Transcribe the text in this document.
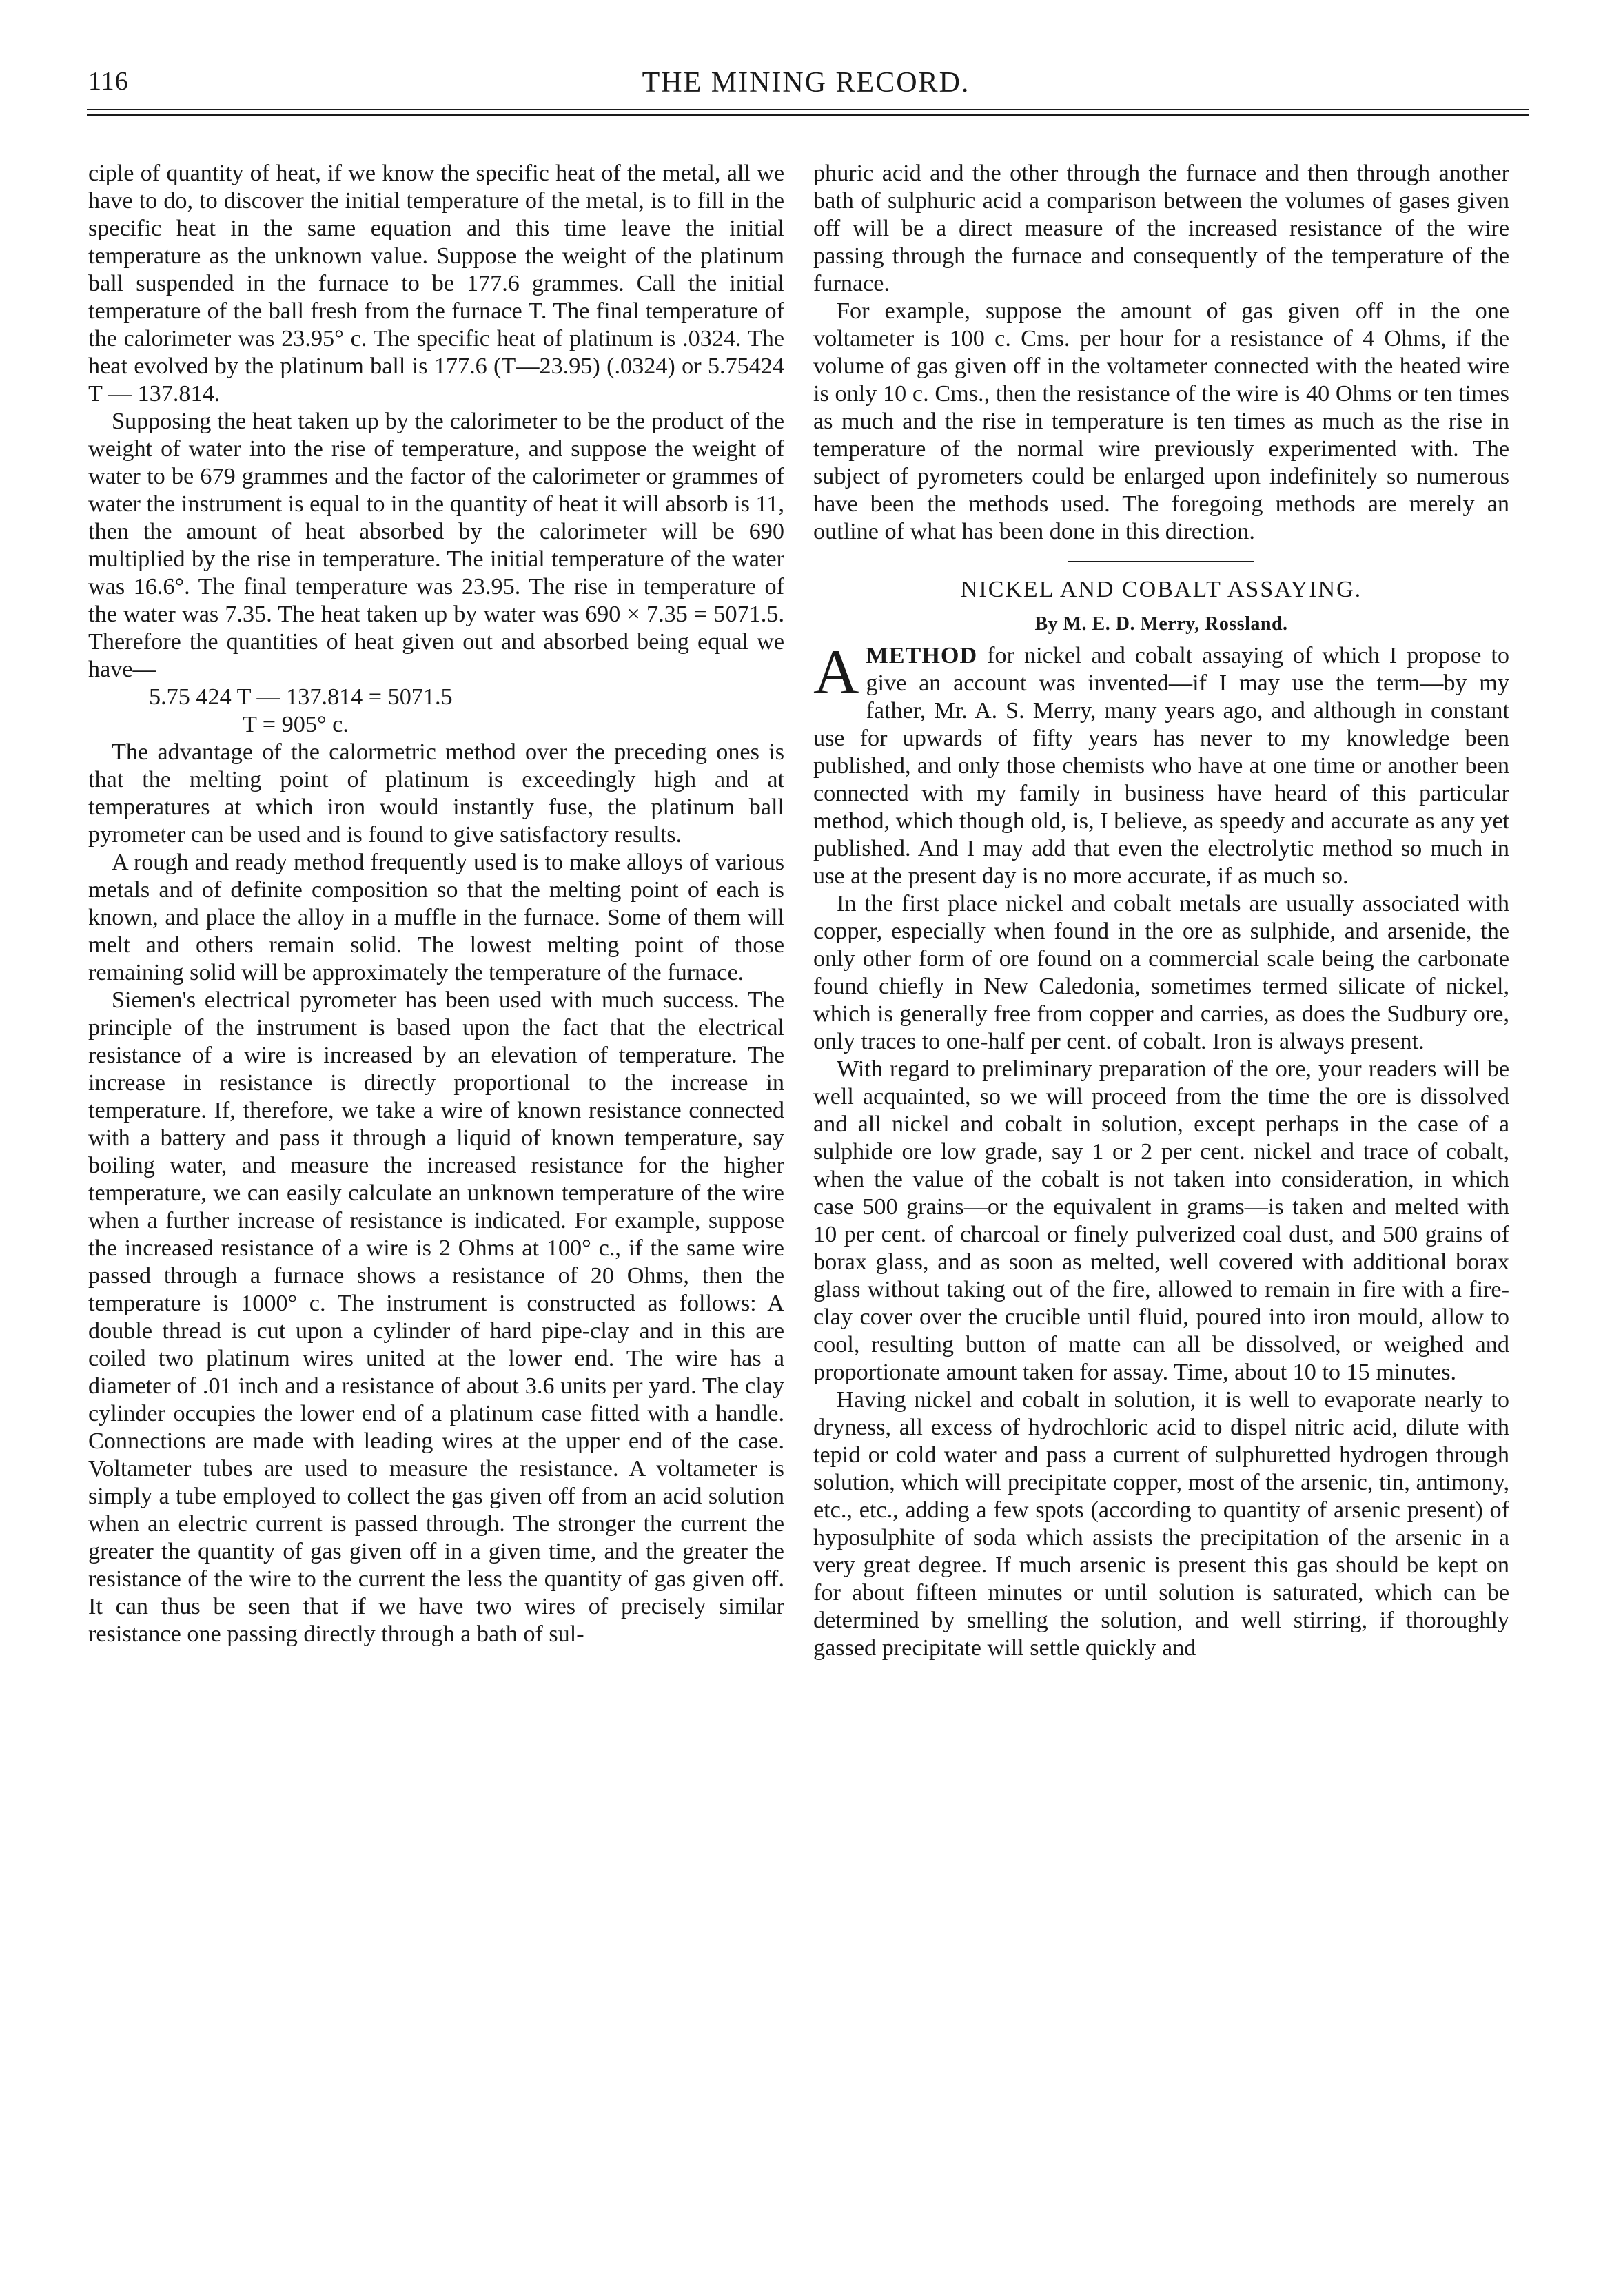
116	THE MINING RECORD.

ciple of quantity of heat, if we know the specific heat of the metal, all we have to do, to discover the initial temperature of the metal, is to fill in the specific heat in the same equation and this time leave the initial temperature as the unknown value. Suppose the weight of the platinum ball suspended in the furnace to be 177.6 grammes. Call the initial temperature of the ball fresh from the furnace T. The final temperature of the calorimeter was 23.95° c. The specific heat of platinum is .0324. The heat evolved by the platinum ball is 177.6 (T—23.95) (.0324) or 5.75424 T — 137.814.

Supposing the heat taken up by the calorimeter to be the product of the weight of water into the rise of temperature, and suppose the weight of water to be 679 grammes and the factor of the calorimeter or grammes of water the instrument is equal to in the quantity of heat it will absorb is 11, then the amount of heat absorbed by the calorimeter will be 690 multiplied by the rise in temperature. The initial temperature of the water was 16.6°. The final temperature was 23.95. The rise in temperature of the water was 7.35. The heat taken up by water was 690 × 7.35 = 5071.5. Therefore the quantities of heat given out and absorbed being equal we have—

5.75 424 T — 137.814 = 5071.5

T = 905° c.

The advantage of the calormetric method over the preceding ones is that the melting point of platinum is exceedingly high and at temperatures at which iron would instantly fuse, the platinum ball pyrometer can be used and is found to give satisfactory results.

A rough and ready method frequently used is to make alloys of various metals and of definite composition so that the melting point of each is known, and place the alloy in a muffle in the furnace. Some of them will melt and others remain solid. The lowest melting point of those remaining solid will be approximately the temperature of the furnace.

Siemen's electrical pyrometer has been used with much success. The principle of the instrument is based upon the fact that the electrical resistance of a wire is increased by an elevation of temperature. The increase in resistance is directly proportional to the increase in temperature. If, therefore, we take a wire of known resistance connected with a battery and pass it through a liquid of known temperature, say boiling water, and measure the increased resistance for the higher temperature, we can easily calculate an unknown temperature of the wire when a further increase of resistance is indicated. For example, suppose the increased resistance of a wire is 2 Ohms at 100° c., if the same wire passed through a furnace shows a resistance of 20 Ohms, then the temperature is 1000° c. The instrument is constructed as follows: A double thread is cut upon a cylinder of hard pipe-clay and in this are coiled two platinum wires united at the lower end. The wire has a diameter of .01 inch and a resistance of about 3.6 units per yard. The clay cylinder occupies the lower end of a platinum case fitted with a handle. Connections are made with leading wires at the upper end of the case. Voltameter tubes are used to measure the resistance. A voltameter is simply a tube employed to collect the gas given off from an acid solution when an electric current is passed through. The stronger the current the greater the quantity of gas given off in a given time, and the greater the resistance of the wire to the current the less the quantity of gas given off. It can thus be seen that if we have two wires of precisely similar resistance one passing directly through a bath of sul-

phuric acid and the other through the furnace and then through another bath of sulphuric acid a comparison between the volumes of gases given off will be a direct measure of the increased resistance of the wire passing through the furnace and consequently of the temperature of the furnace.

For example, suppose the amount of gas given off in the one voltameter is 100 c. Cms. per hour for a resistance of 4 Ohms, if the volume of gas given off in the voltameter connected with the heated wire is only 10 c. Cms., then the resistance of the wire is 40 Ohms or ten times as much and the rise in temperature is ten times as much as the rise in temperature of the normal wire previously experimented with. The subject of pyrometers could be enlarged upon indefinitely so numerous have been the methods used. The foregoing methods are merely an outline of what has been done in this direction.

NICKEL AND COBALT ASSAYING.
By M. E. D. Merry, Rossland.

AMETHOD for nickel and cobalt assaying of which I propose to give an account was invented—if I may use the term—by my father, Mr. A. S. Merry, many years ago, and although in constant use for upwards of fifty years has never to my knowledge been published, and only those chemists who have at one time or another been connected with my family in business have heard of this particular method, which though old, is, I believe, as speedy and accurate as any yet published. And I may add that even the electrolytic method so much in use at the present day is no more accurate, if as much so.

In the first place nickel and cobalt metals are usually associated with copper, especially when found in the ore as sulphide, and arsenide, the only other form of ore found on a commercial scale being the carbonate found chiefly in New Caledonia, sometimes termed silicate of nickel, which is generally free from copper and carries, as does the Sudbury ore, only traces to one-half per cent. of cobalt. Iron is always present.

With regard to preliminary preparation of the ore, your readers will be well acquainted, so we will proceed from the time the ore is dissolved and all nickel and cobalt in solution, except perhaps in the case of a sulphide ore low grade, say 1 or 2 per cent. nickel and trace of cobalt, when the value of the cobalt is not taken into consideration, in which case 500 grains—or the equivalent in grams—is taken and melted with 10 per cent. of charcoal or finely pulverized coal dust, and 500 grains of borax glass, and as soon as melted, well covered with additional borax glass without taking out of the fire, allowed to remain in fire with a fire-clay cover over the crucible until fluid, poured into iron mould, allow to cool, resulting button of matte can all be dissolved, or weighed and proportionate amount taken for assay. Time, about 10 to 15 minutes.

Having nickel and cobalt in solution, it is well to evaporate nearly to dryness, all excess of hydrochloric acid to dispel nitric acid, dilute with tepid or cold water and pass a current of sulphuretted hydrogen through solution, which will precipitate copper, most of the arsenic, tin, antimony, etc., etc., adding a few spots (according to quantity of arsenic present) of hyposulphite of soda which assists the precipitation of the arsenic in a very great degree. If much arsenic is present this gas should be kept on for about fifteen minutes or until solution is saturated, which can be determined by smelling the solution, and well stirring, if thoroughly gassed precipitate will settle quickly and
